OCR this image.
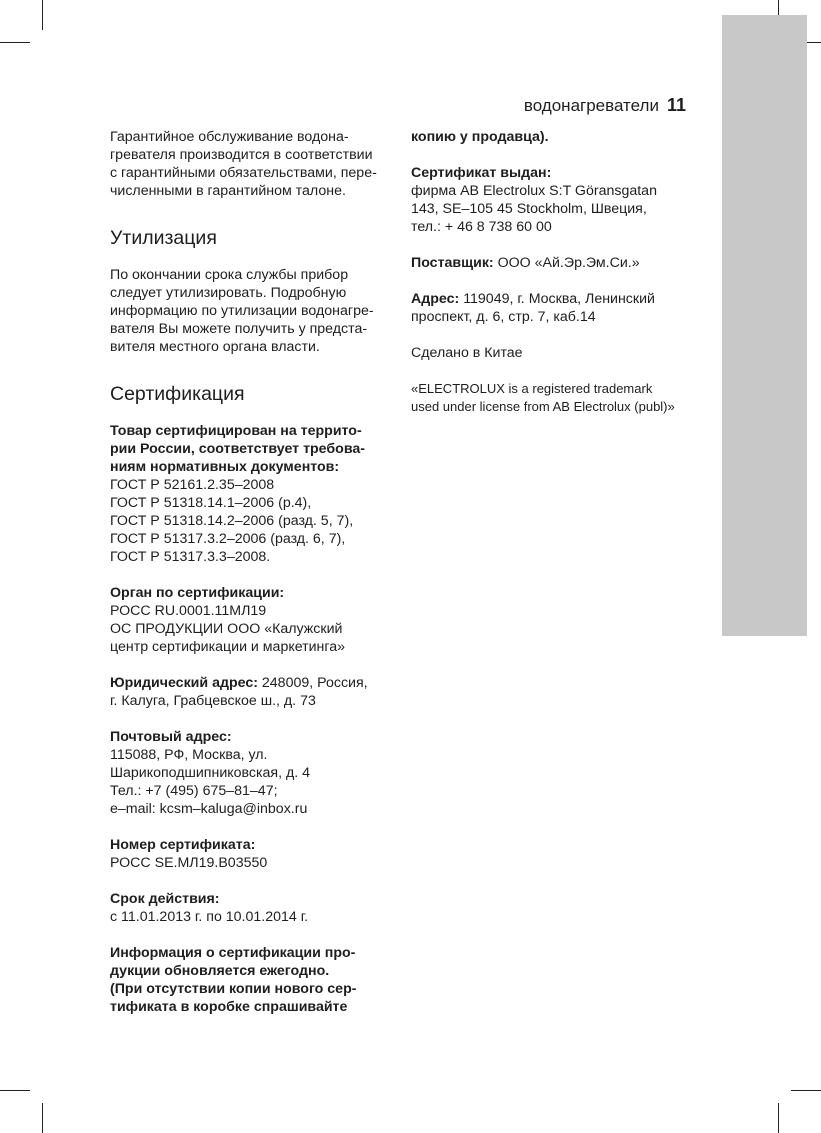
водонагреватели 11

Гарантийное обслуживание водона-
гревателя производится в соответствии
с гарантийными обязательствами, пере-
численными в гарантийном талоне.

Утилизация

По окончании срока службы прибор
следует утилизировать. Подробную
информацию по утилизации водонагре-
вателя Вы можете получить у предста-
вителя местного органа власти.

Сертификация

Товар сертифицирован на террито-
рии России, соответствует требова-
ниям нормативных документов:
ГОСТ Р 52161.2.35–2008
ГОСТ Р 51318.14.1–2006 (р.4),
ГОСТ Р 51318.14.2–2006 (разд. 5, 7),
ГОСТ Р 51317.3.2–2006 (разд. 6, 7),
ГОСТ Р 51317.3.3–2008.

Орган по сертификации:
РОСС RU.0001.11МЛ19
ОС ПРОДУКЦИИ ООО «Калужский
центр сертификации и маркетинга»

Юридический адрес: 248009, Россия,
г. Калуга, Грабцевское ш., д. 73

Почтовый адрес:
115088, РФ, Москва, ул.
Шарикоподшипниковская, д. 4
Тел.: +7 (495) 675–81–47;
e–mail: kcsm–kaluga@inbox.ru

Номер сертификата:
РОСС SE.МЛ19.В03550

Срок действия:
с 11.01.2013 г. по 10.01.2014 г.

Информация о сертификации про-
дукции обновляется ежегодно.
(При отсутствии копии нового сер-
тификата в коробке спрашивайте

копию у продавца).

Сертификат выдан:
фирма AB Electrolux S:T Göransgatan
143, SE–105 45 Stockholm, Швеция,
тел.: + 46 8 738 60 00

Поставщик: ООО «Ай.Эр.Эм.Си.»

Адрес: 119049, г. Москва, Ленинский
проспект, д. 6, стр. 7, каб.14

Сделано в Китае

«ELECTROLUX is a registered trademark
used under license from AB Electrolux (publ)»
